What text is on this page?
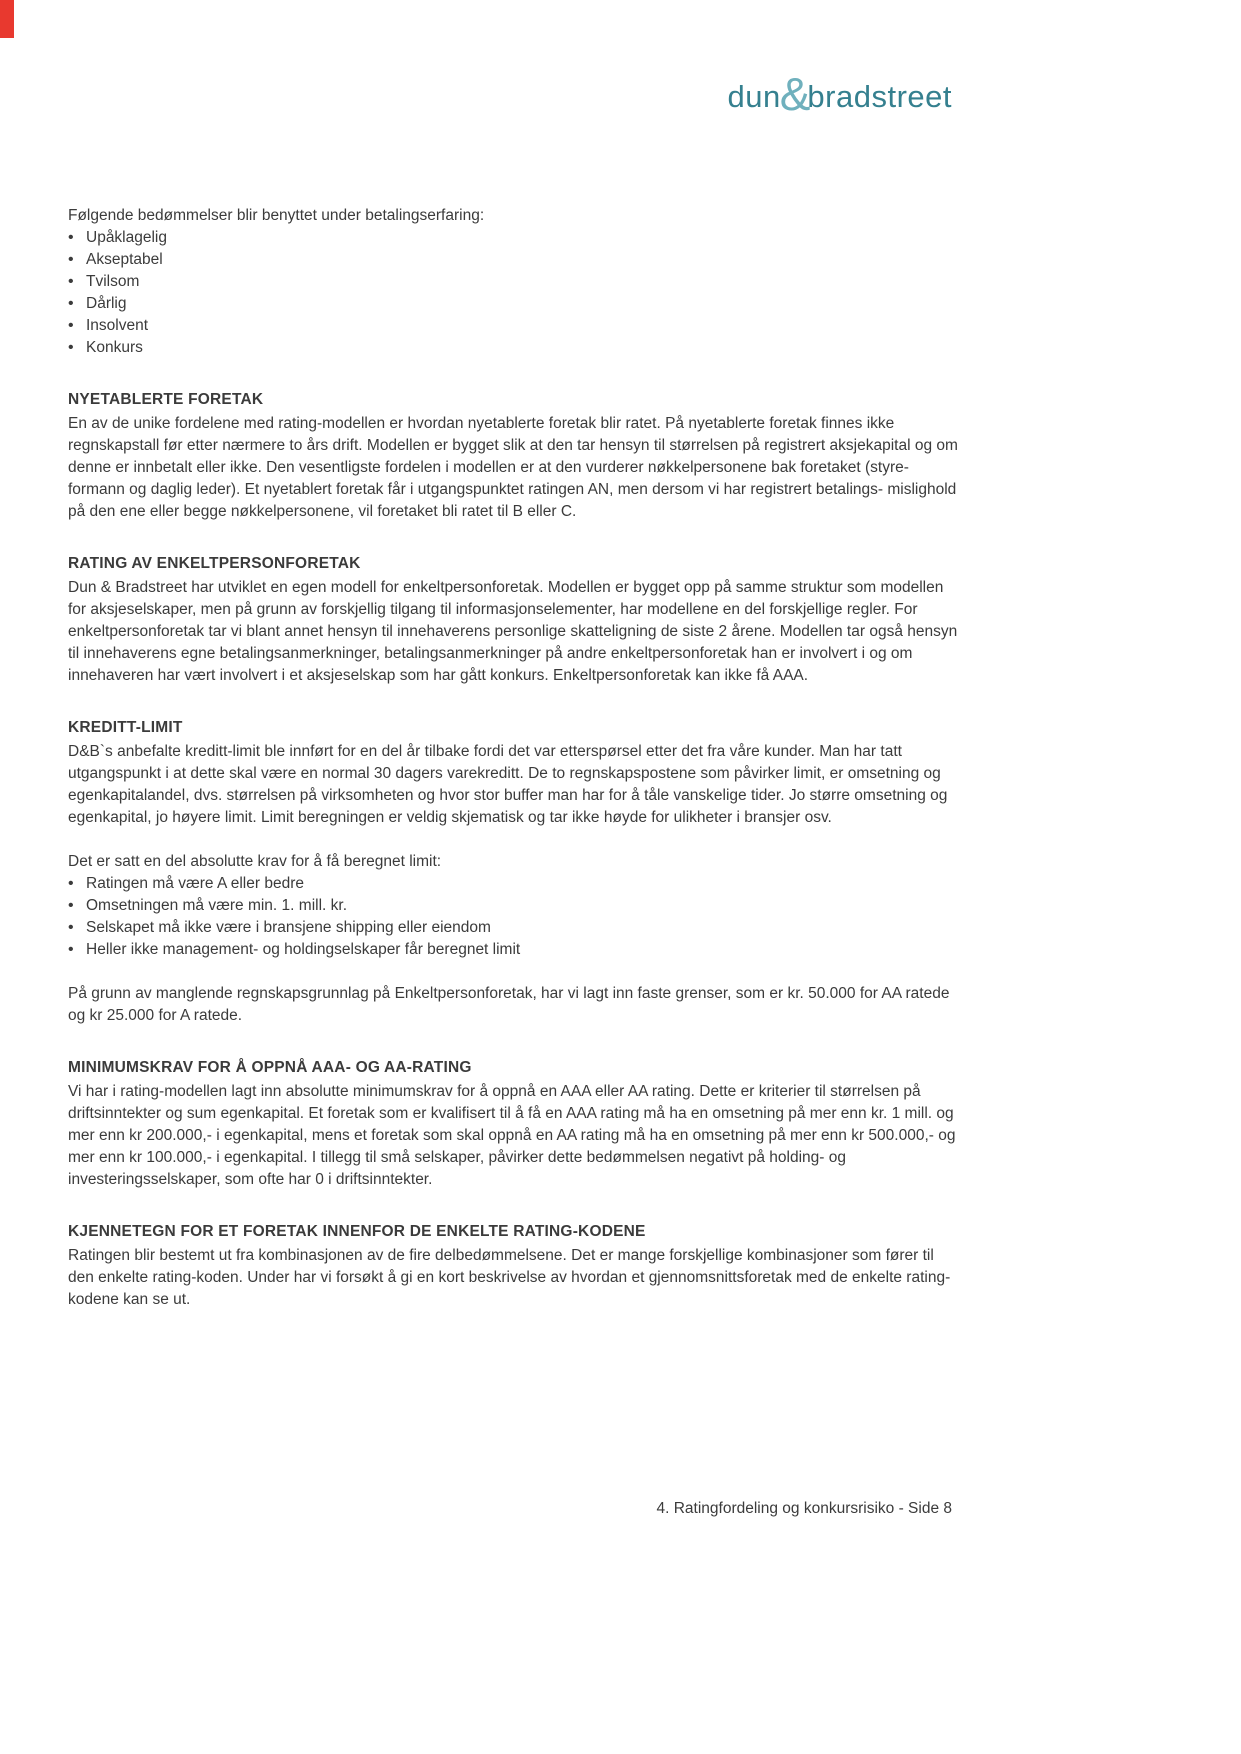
dun &
bradstreet

Følgende bedømmelser blir benyttet under betalingserfaring:

• Upåklagelig
• Akseptabel
• Tvilsom
• Dårlig
• Insolvent
• Konkurs
NYETABLERTE FORETAK

En av de unike fordelene med rating-modellen er hvordan nyetablerte foretak blir ratet. På nyetablerte foretak finnes ikke regnskapstall før etter nærmere to års drift. Modellen er bygget slik at den tar hensyn til størrelsen på registrert aksjekapital og om denne er innbetalt eller ikke. Den vesentligste fordelen i modellen er at den vurderer nøkkelpersonene bak foretaket (styre- formann og daglig leder). Et nyetablert foretak får i utgangspunktet ratingen AN, men dersom vi har registrert betalings- mislighold på den ene eller begge nøkkelpersonene, vil foretaket bli ratet til B eller C.

RATING AV ENKELTPERSONFORETAK

Dun & Bradstreet har utviklet en egen modell for enkeltpersonforetak. Modellen er bygget opp på samme struktur som modellen for aksjeselskaper, men på grunn av forskjellig tilgang til informasjonselementer, har modellene en del forskjellige regler. For enkeltpersonforetak tar vi blant annet hensyn til innehaverens personlige skatteligning de siste 2 årene. Modellen tar også hensyn til innehaverens egne betalingsanmerkninger, betalingsanmerkninger på andre enkeltpersonforetak han er involvert i og om innehaveren har vært involvert i et aksjeselskap som har gått konkurs. Enkeltpersonforetak kan ikke få AAA.

KREDITT-LIMIT

D&B`s anbefalte kreditt-limit ble innført for en del år tilbake fordi det var etterspørsel etter det fra våre kunder. Man har tatt utgangspunkt i at dette skal være en normal 30 dagers varekreditt. De to regnskapspostene som påvirker limit, er omsetning og egenkapitalandel, dvs. størrelsen på virksomheten og hvor stor buffer man har for å tåle vanskelige tider. Jo større omsetning og egenkapital, jo høyere limit. Limit beregningen er veldig skjematisk og tar ikke høyde for ulikheter i bransjer osv.

Det er satt en del absolutte krav for å få beregnet limit:

• Ratingen må være A eller bedre
• Omsetningen må være min. 1. mill. kr.
• Selskapet må ikke være i bransjene shipping eller eiendom
• Heller ikke management- og holdingselskaper får beregnet limit

På grunn av manglende regnskapsgrunnlag på Enkeltpersonforetak, har vi lagt inn faste grenser, som er kr. 50.000 for AA ratede og kr 25.000 for A ratede.

MINIMUMSKRAV FOR Å OPPNÅ AAA- OG AA-RATING

Vi har i rating-modellen lagt inn absolutte minimumskrav for å oppnå en AAA eller AA rating. Dette er kriterier til størrelsen på driftsinntekter og sum egenkapital. Et foretak som er kvalifisert til å få en AAA rating må ha en omsetning på mer enn kr. 1 mill. og mer enn kr 200.000,- i egenkapital, mens et foretak som skal oppnå en AA rating må ha en omsetning på mer enn kr 500.000,- og mer enn kr 100.000,- i egenkapital. I tillegg til små selskaper, påvirker dette bedømmelsen negativt på holding- og investeringsselskaper, som ofte har 0 i driftsinntekter.

KJENNETEGN FOR ET FORETAK INNENFOR DE ENKELTE RATING-KODENE

Ratingen blir bestemt ut fra kombinasjonen av de fire delbedømmelsene. Det er mange forskjellige kombinasjoner som fører til den enkelte rating-koden. Under har vi forsøkt å gi en kort beskrivelse av hvordan et gjennomsnittsforetak med de enkelte rating-kodene kan se ut.

4. Ratingfordeling og konkursrisiko - Side 8
